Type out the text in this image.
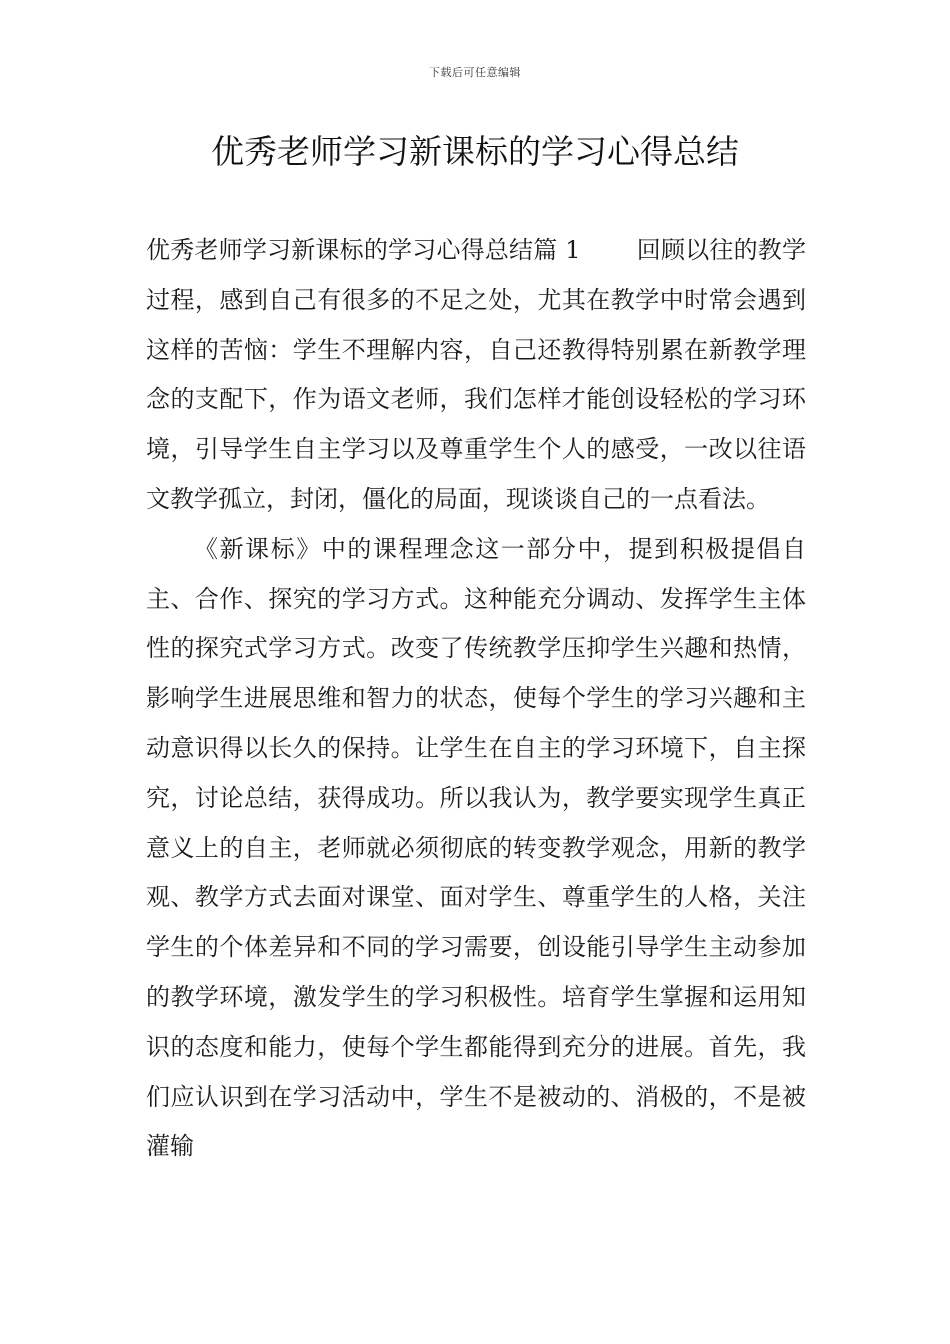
下载后可任意编辑
优秀老师学习新课标的学习心得总结

优秀老师学习新课标的学习心得总结篇 1 回顾以往的教学过程，感到自己有很多的不足之处，尤其在教学中时常会遇到这样的苦恼：学生不理解内容，自己还教得特别累在新教学理念的支配下，作为语文老师，我们怎样才能创设轻松的学习环境，引导学生自主学习以及尊重学生个人的感受，一改以往语文教学孤立，封闭，僵化的局面，现谈谈自己的一点看法。

《新课标》中的课程理念这一部分中，提到积极提倡自主、合作、探究的学习方式。这种能充分调动、发挥学生主体性的探究式学习方式。改变了传统教学压抑学生兴趣和热情，影响学生进展思维和智力的状态，使每个学生的学习兴趣和主动意识得以长久的保持。让学生在自主的学习环境下，自主探究，讨论总结，获得成功。所以我认为，教学要实现学生真正意义上的自主，老师就必须彻底的转变教学观念，用新的教学观、教学方式去面对课堂、面对学生、尊重学生的人格，关注学生的个体差异和不同的学习需要，创设能引导学生主动参加的教学环境，激发学生的学习积极性。培育学生掌握和运用知识的态度和能力，使每个学生都能得到充分的进展。首先，我们应认识到在学习活动中，学生不是被动的、消极的，不是被灌输
